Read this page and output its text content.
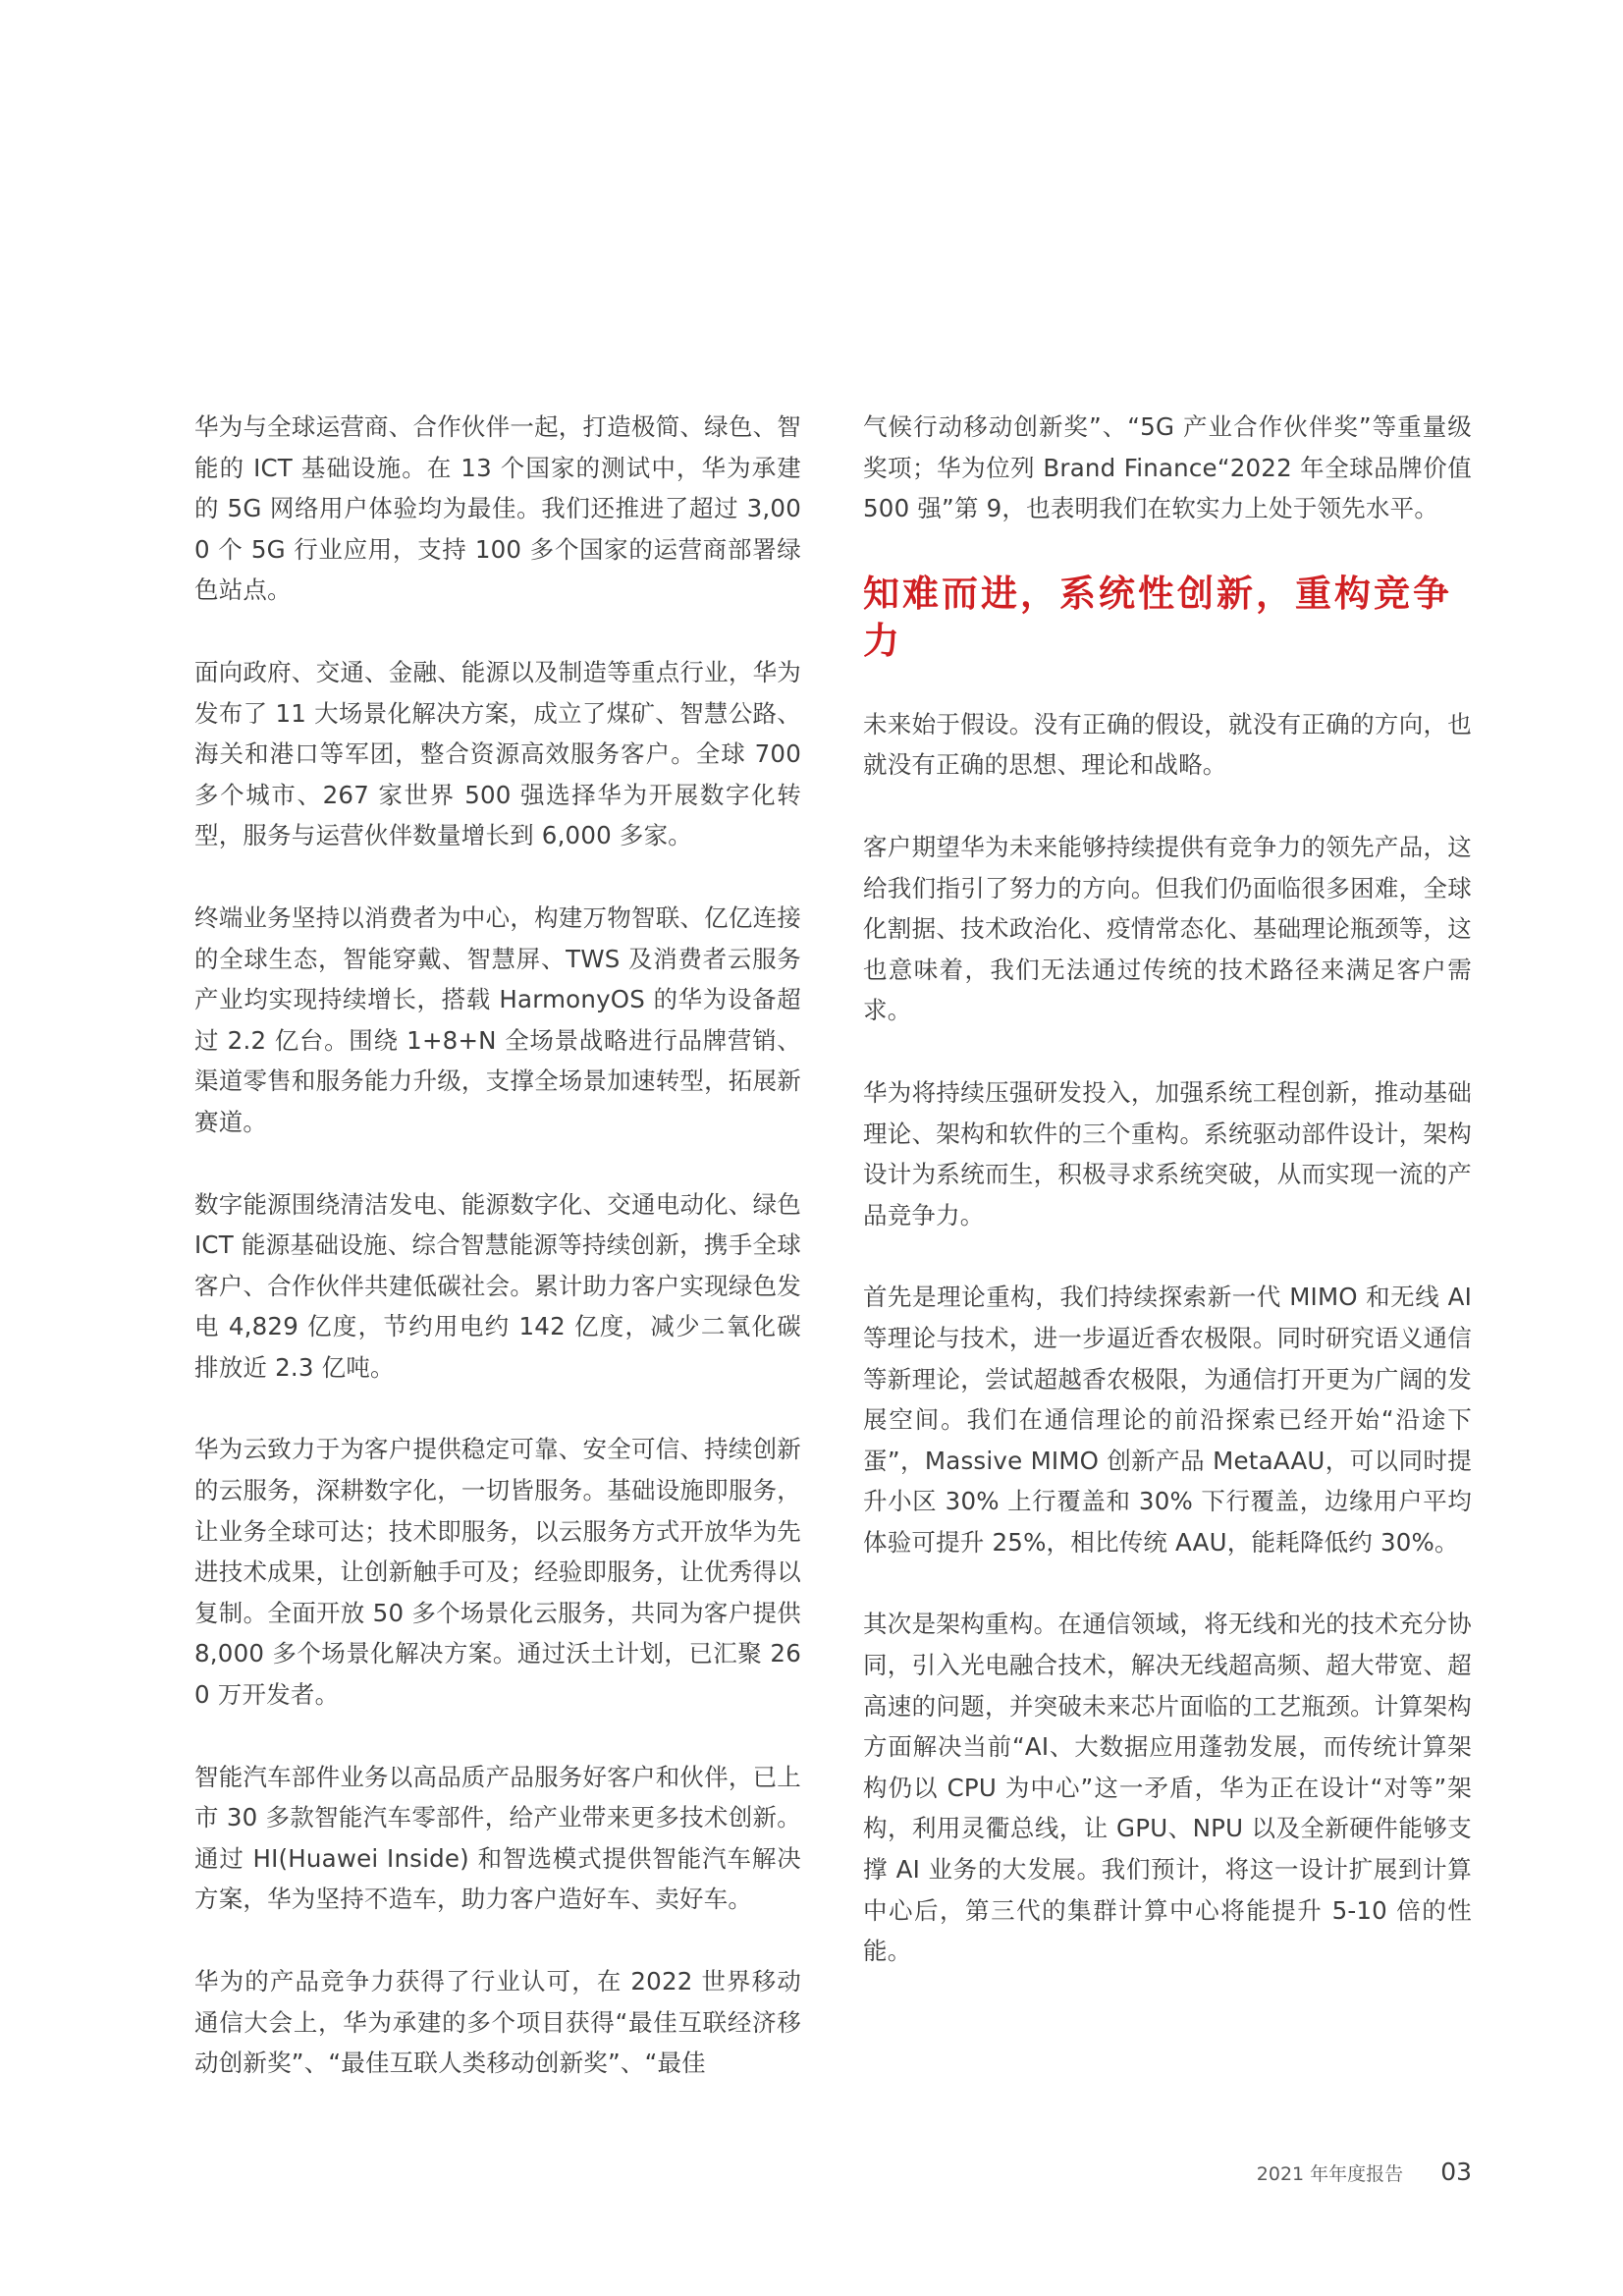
华为与全球运营商、合作伙伴一起，打造极简、绿色、智能的 ICT 基础设施。在 13 个国家的测试中，华为承建的 5G 网络用户体验均为最佳。我们还推进了超过 3,000 个 5G 行业应用，支持 100 多个国家的运营商部署绿色站点。

面向政府、交通、金融、能源以及制造等重点行业，华为发布了 11 大场景化解决方案，成立了煤矿、智慧公路、海关和港口等军团，整合资源高效服务客户。全球 700 多个城市、267 家世界 500 强选择华为开展数字化转型，服务与运营伙伴数量增长到 6,000 多家。

终端业务坚持以消费者为中心，构建万物智联、亿亿连接的全球生态，智能穿戴、智慧屏、TWS 及消费者云服务产业均实现持续增长，搭载 HarmonyOS 的华为设备超过 2.2 亿台。围绕 1+8+N 全场景战略进行品牌营销、渠道零售和服务能力升级，支撑全场景加速转型，拓展新赛道。

数字能源围绕清洁发电、能源数字化、交通电动化、绿色 ICT 能源基础设施、综合智慧能源等持续创新，携手全球客户、合作伙伴共建低碳社会。累计助力客户实现绿色发电 4,829 亿度，节约用电约 142 亿度，减少二氧化碳排放近 2.3 亿吨。

华为云致力于为客户提供稳定可靠、安全可信、持续创新的云服务，深耕数字化，一切皆服务。基础设施即服务，让业务全球可达；技术即服务，以云服务方式开放华为先进技术成果，让创新触手可及；经验即服务，让优秀得以复制。全面开放 50 多个场景化云服务，共同为客户提供 8,000 多个场景化解决方案。通过沃土计划，已汇聚 260 万开发者。

智能汽车部件业务以高品质产品服务好客户和伙伴，已上市 30 多款智能汽车零部件，给产业带来更多技术创新。通过 HI(Huawei Inside) 和智选模式提供智能汽车解决方案，华为坚持不造车，助力客户造好车、卖好车。

华为的产品竞争力获得了行业认可，在 2022 世界移动通信大会上，华为承建的多个项目获得“最佳互联经济移动创新奖”、“最佳互联人类移动创新奖”、“最佳

气候行动移动创新奖”、“5G 产业合作伙伴奖”等重量级奖项；华为位列 Brand Finance“2022 年全球品牌价值 500 强”第 9，也表明我们在软实力上处于领先水平。

知难而进，系统性创新，重构竞争力

未来始于假设。没有正确的假设，就没有正确的方向，也就没有正确的思想、理论和战略。

客户期望华为未来能够持续提供有竞争力的领先产品，这给我们指引了努力的方向。但我们仍面临很多困难，全球化割据、技术政治化、疫情常态化、基础理论瓶颈等，这也意味着，我们无法通过传统的技术路径来满足客户需求。

华为将持续压强研发投入，加强系统工程创新，推动基础理论、架构和软件的三个重构。系统驱动部件设计，架构设计为系统而生，积极寻求系统突破，从而实现一流的产品竞争力。

首先是理论重构，我们持续探索新一代 MIMO 和无线 AI 等理论与技术，进一步逼近香农极限。同时研究语义通信等新理论，尝试超越香农极限，为通信打开更为广阔的发展空间。我们在通信理论的前沿探索已经开始“沿途下蛋”，Massive MIMO 创新产品 MetaAAU，可以同时提升小区 30% 上行覆盖和 30% 下行覆盖，边缘用户平均体验可提升 25%，相比传统 AAU，能耗降低约 30%。

其次是架构重构。在通信领域，将无线和光的技术充分协同，引入光电融合技术，解决无线超高频、超大带宽、超高速的问题，并突破未来芯片面临的工艺瓶颈。计算架构方面解决当前“AI、大数据应用蓬勃发展，而传统计算架构仍以 CPU 为中心”这一矛盾，华为正在设计“对等”架构，利用灵衢总线，让 GPU、NPU 以及全新硬件能够支撑 AI 业务的大发展。我们预计，将这一设计扩展到计算中心后，第三代的集群计算中心将能提升 5-10 倍的性能。

2021 年年度报告 03
